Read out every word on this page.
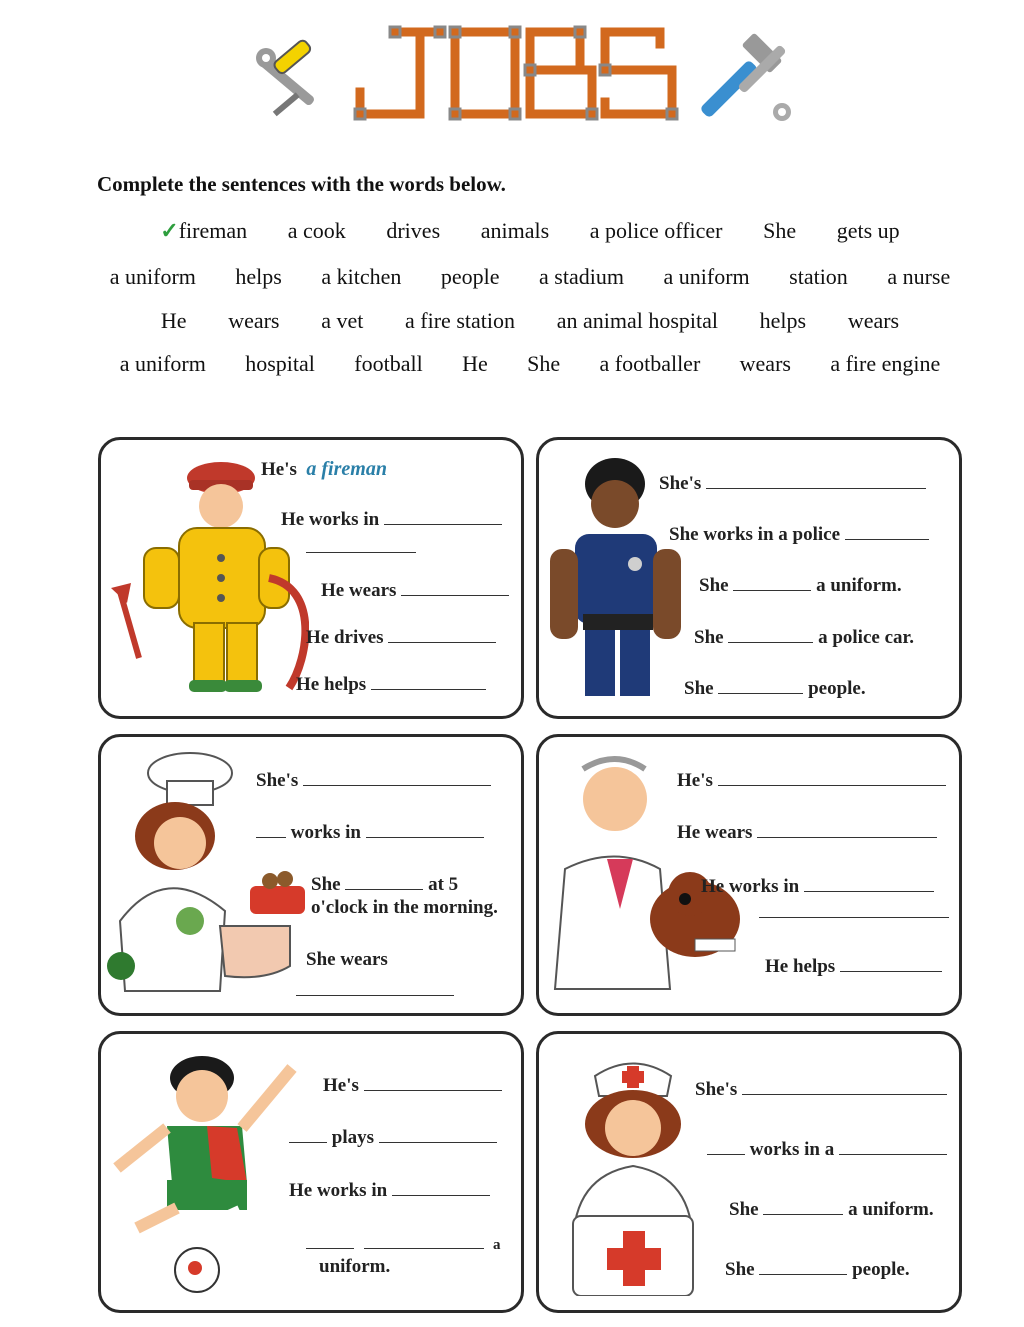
Complete the sentences with the words below.
✓fireman a cook drives animals a police officer She gets up
a uniform helps a kitchen people a stadium a uniform station a nurse
He wears a vet a fire station an animal hospital helps wears
a uniform hospital football He She a footballer wears a fire engine
He's a fireman
He works in
He wears
He drives
He helps
She's
She works in a police
She	a uniform.
She	a police car.
She	people.
She's
works in
She	at 5
o'clock in the morning.
She wears
He's
He wears
He works in
He helps
He's
plays
He works in
a
uniform.
She's
works in a
She	a uniform.
She	people.
